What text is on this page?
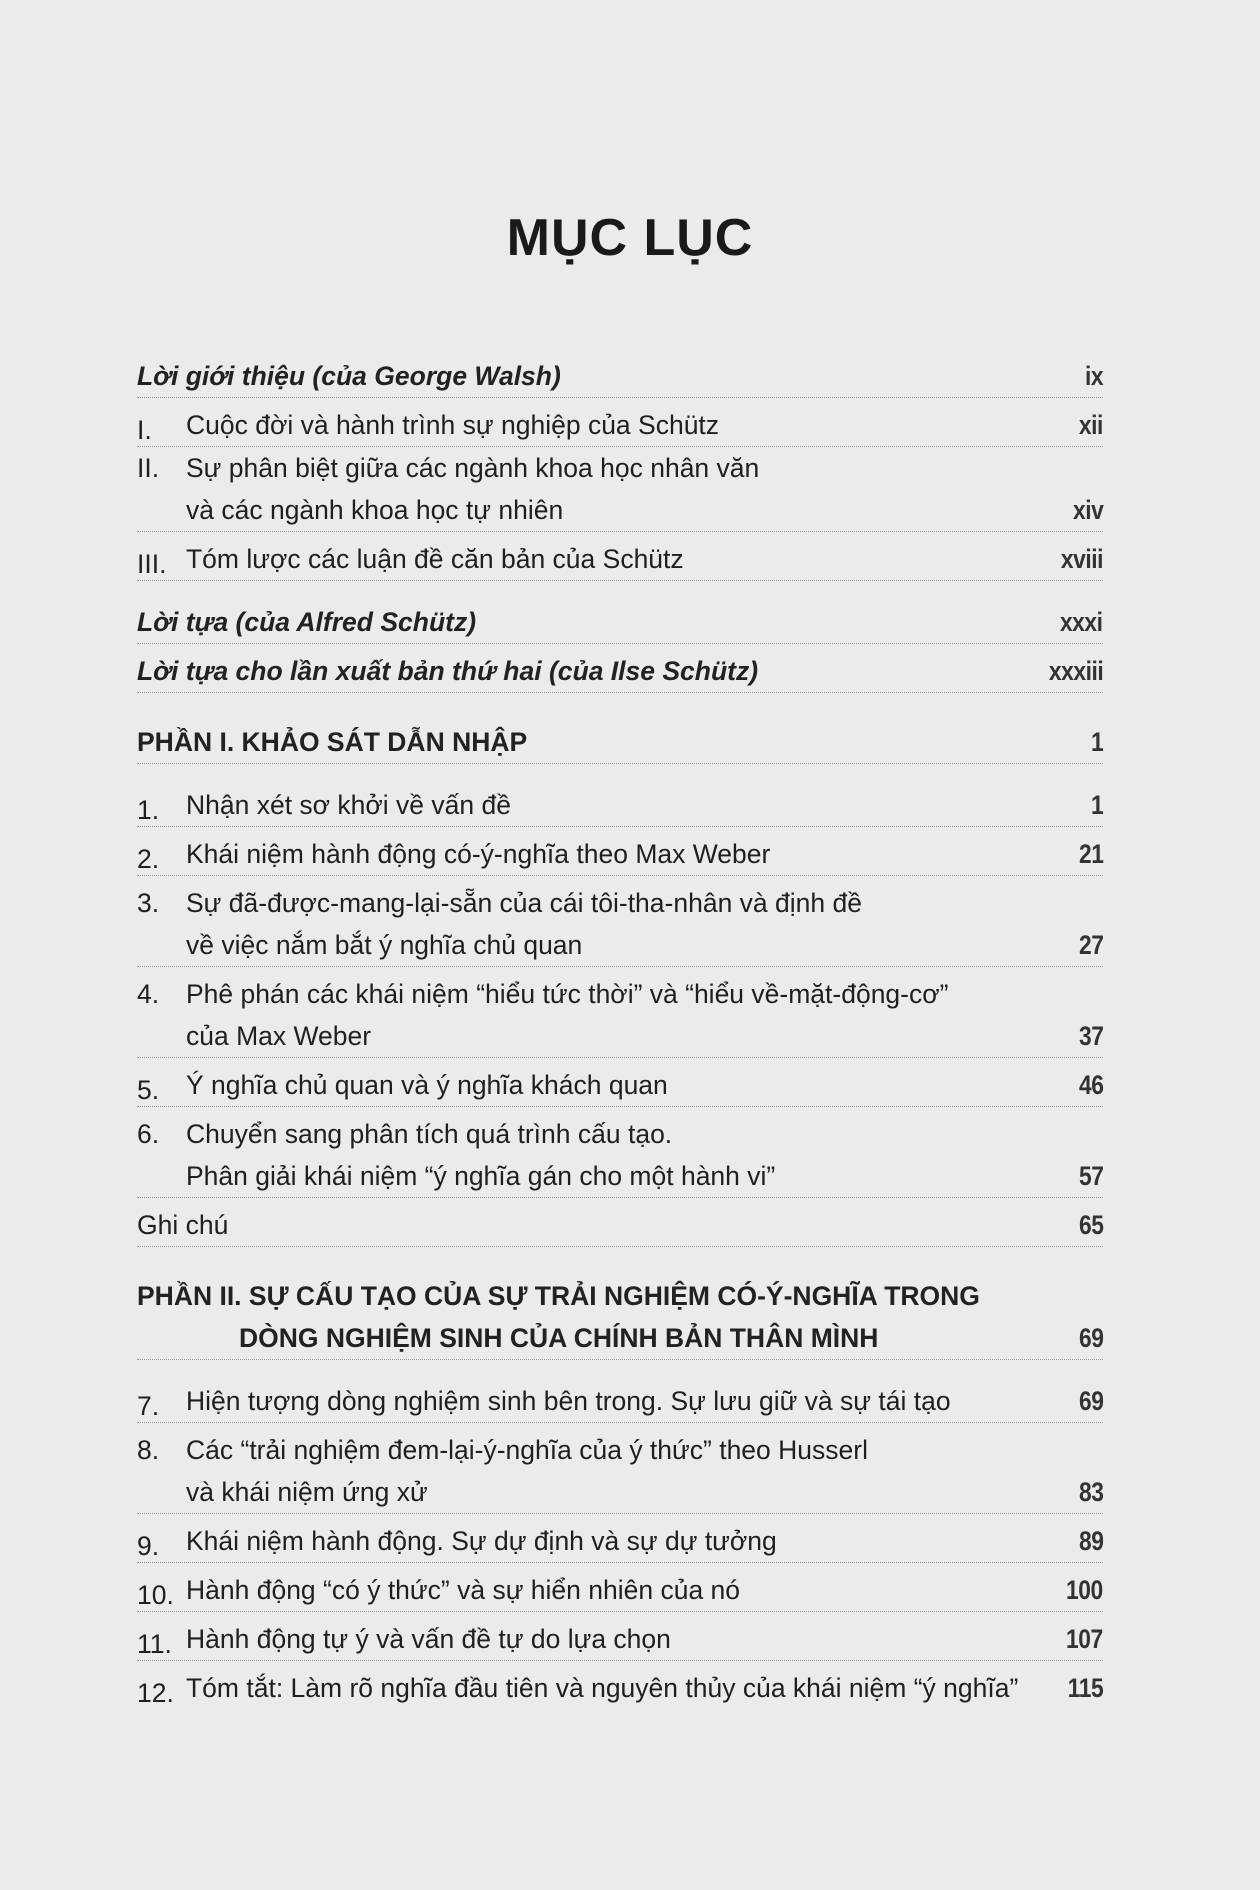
MỤC LỤC
Lời giới thiệu (của George Walsh)	ix
I.	Cuộc đời và hành trình sự nghiệp của Schütz	xii
II.	Sự phân biệt giữa các ngành khoa học nhân văn
và các ngành khoa học tự nhiên	xiv
III. Tóm lược các luận đề căn bản của Schütz	xviii
Lời tựa (của Alfred Schütz)	xxxi
Lời tựa cho lần xuất bản thứ hai (của Ilse Schütz)	xxxiii
PHẦN I. KHẢO SÁT DẪN NHẬP	1
1.	Nhận xét sơ khởi về vấn đề	1
2.	Khái niệm hành động có-ý-nghĩa theo Max Weber	21
3.	Sự đã-được-mang-lại-sẵn của cái tôi-tha-nhân và định đề
về việc nắm bắt ý nghĩa chủ quan	27
4.	Phê phán các khái niệm “hiểu tức thời” và “hiểu về-mặt-động-cơ”
của Max Weber	37
5.	Ý nghĩa chủ quan và ý nghĩa khách quan	46
6.	Chuyển sang phân tích quá trình cấu tạo.
Phân giải khái niệm “ý nghĩa gán cho một hành vi”	57
Ghi chú	65
PHẦN II. SỰ CẤU TẠO CỦA SỰ TRẢI NGHIỆM CÓ-Ý-NGHĨA TRONG
DÒNG NGHIỆM SINH CỦA CHÍNH BẢN THÂN MÌNH	69
7.	Hiện tượng dòng nghiệm sinh bên trong. Sự lưu giữ và sự tái tạo	69
8.	Các “trải nghiệm đem-lại-ý-nghĩa của ý thức” theo Husserl
và khái niệm ứng xử	83
9.	Khái niệm hành động. Sự dự định và sự dự tưởng	89
10. Hành động “có ý thức” và sự hiển nhiên của nó	100
11. Hành động tự ý và vấn đề tự do lựa chọn	107
12. Tóm tắt: Làm rõ nghĩa đầu tiên và nguyên thủy của khái niệm “ý nghĩa”	115
